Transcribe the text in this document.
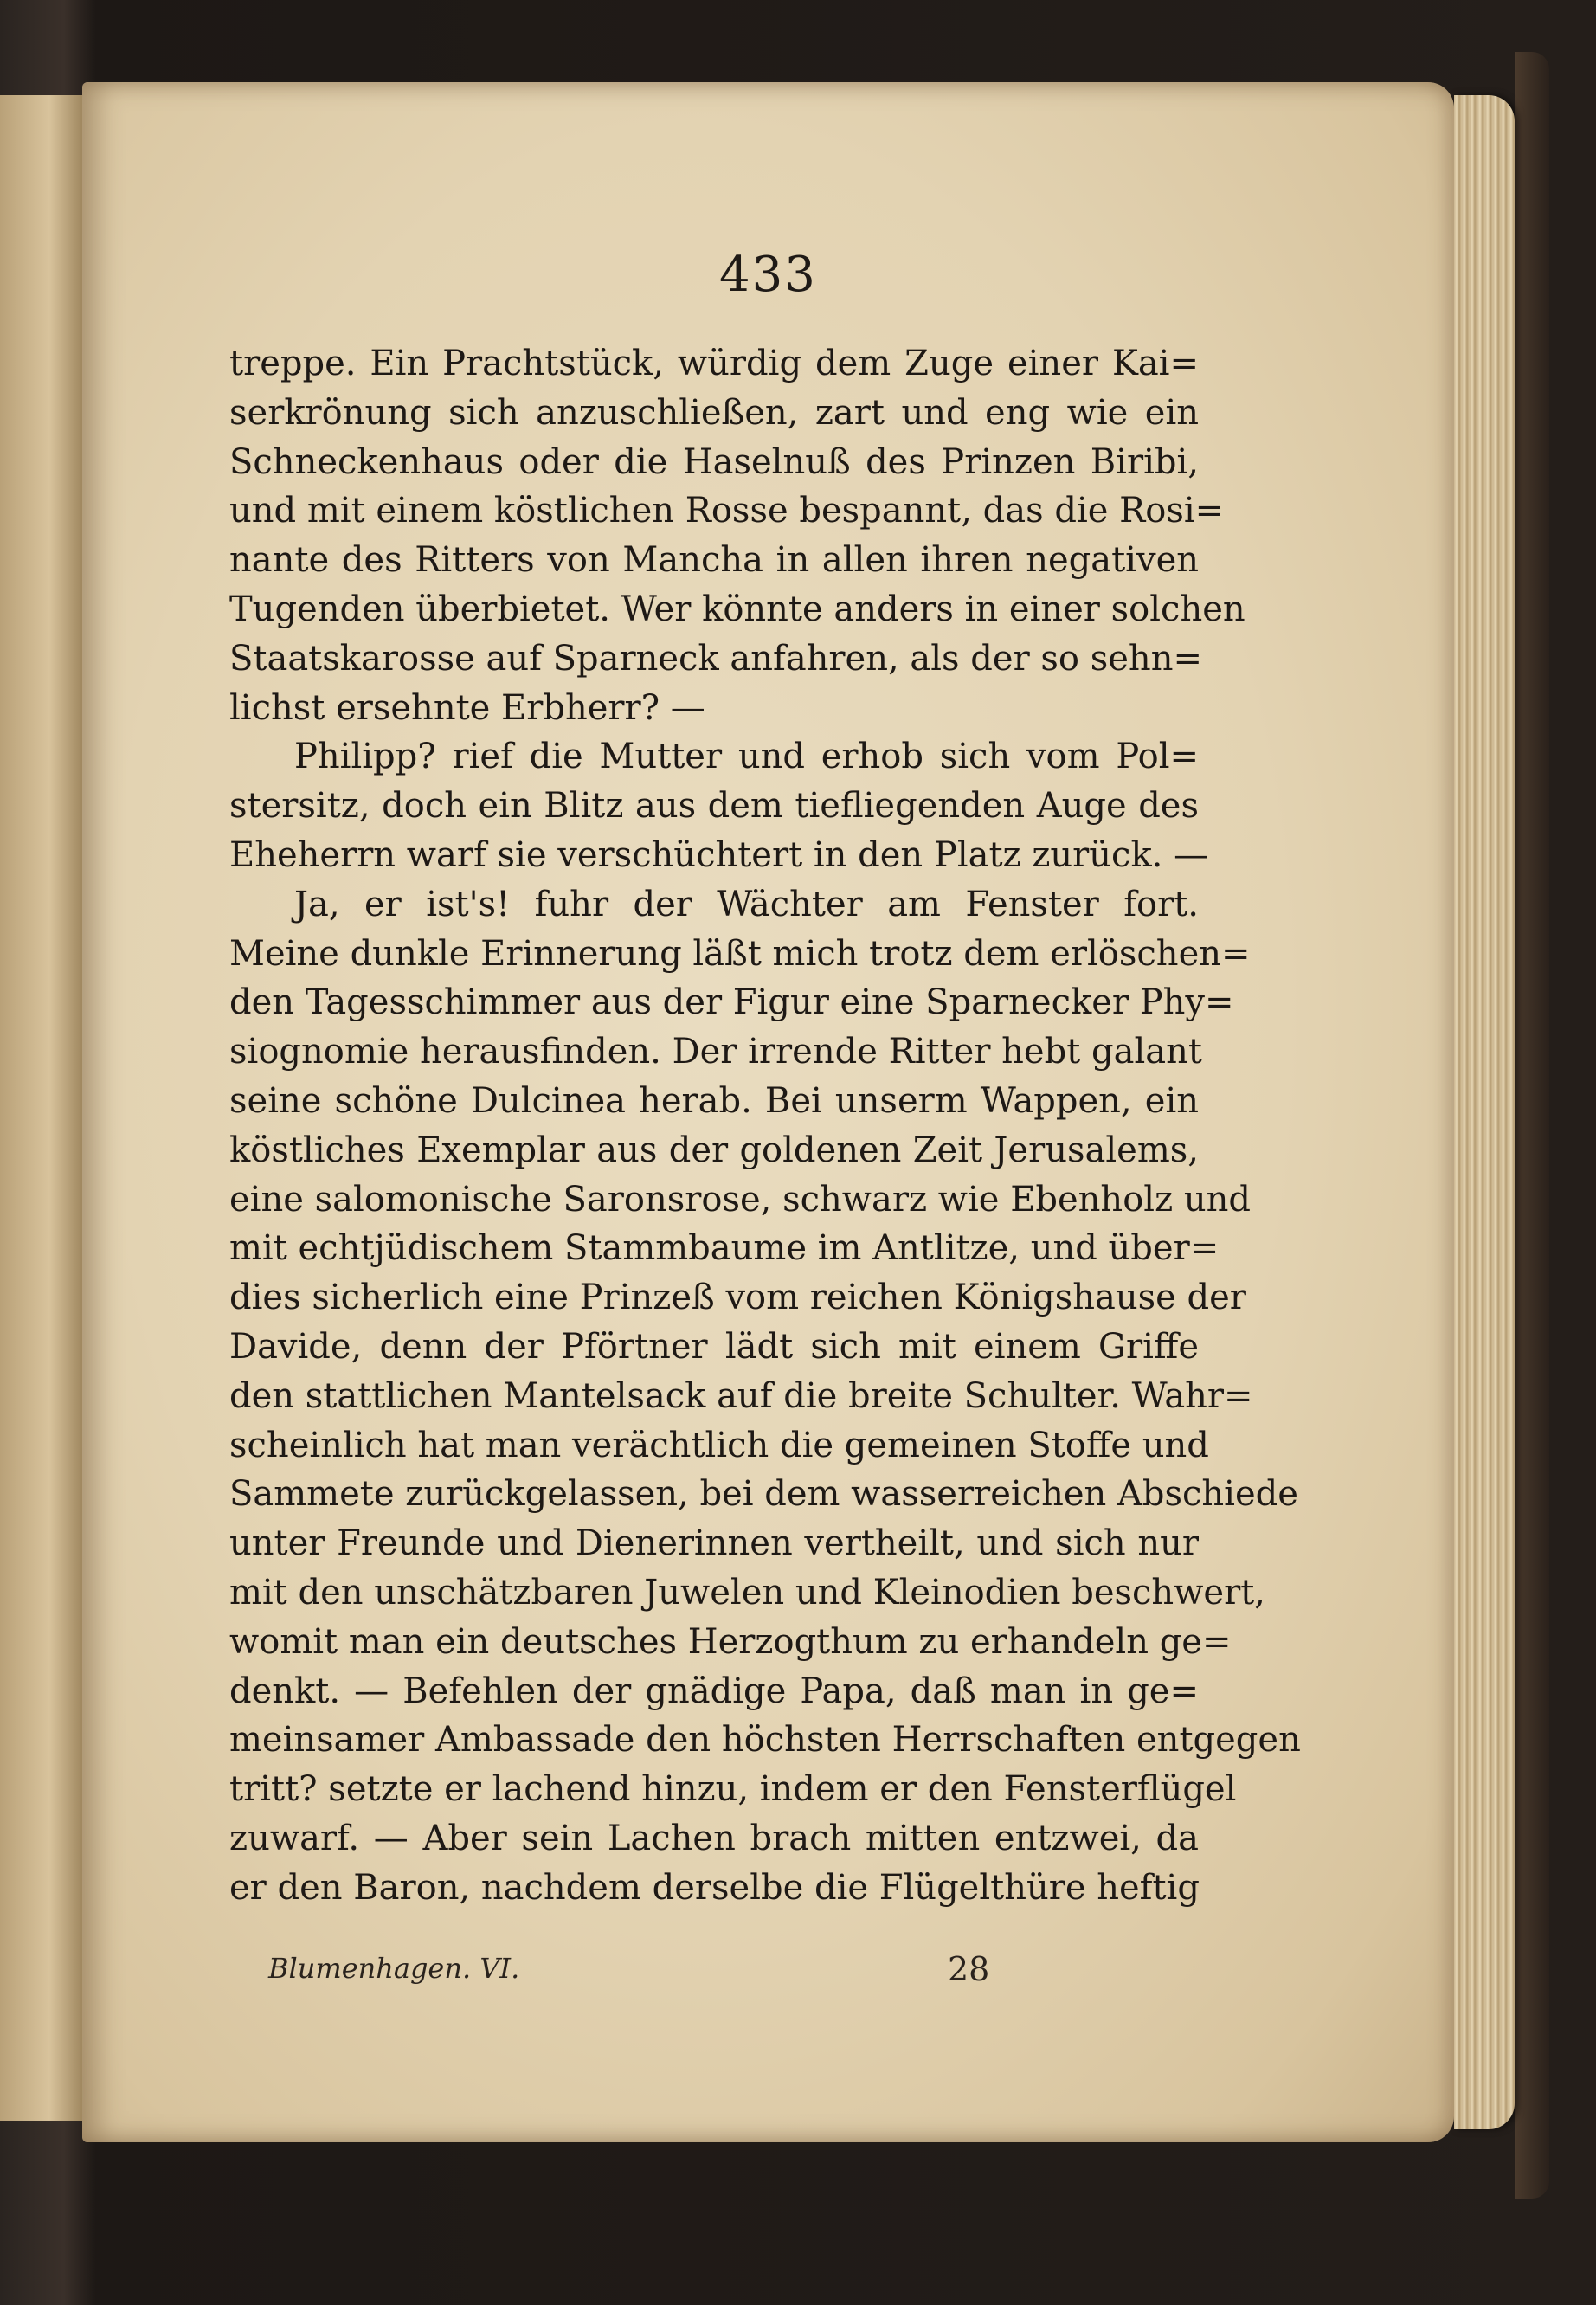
433
treppe. Ein Prachtstück, würdig dem Zuge einer Kai=
serkrönung sich anzuschließen, zart und eng wie ein
Schneckenhaus oder die Haselnuß des Prinzen Biribi,
und mit einem köstlichen Rosse bespannt, das die Rosi=
nante des Ritters von Mancha in allen ihren negativen
Tugenden überbietet. Wer könnte anders in einer solchen
Staatskarosse auf Sparneck anfahren, als der so sehn=
lichst ersehnte Erbherr? —
Philipp? rief die Mutter und erhob sich vom Pol=
stersitz, doch ein Blitz aus dem tiefliegenden Auge des
Eheherrn warf sie verschüchtert in den Platz zurück. —
Ja, er ist's! fuhr der Wächter am Fenster fort.
Meine dunkle Erinnerung läßt mich trotz dem erlöschen=
den Tagesschimmer aus der Figur eine Sparnecker Phy=
siognomie herausfinden. Der irrende Ritter hebt galant
seine schöne Dulcinea herab. Bei unserm Wappen, ein
köstliches Exemplar aus der goldenen Zeit Jerusalems,
eine salomonische Saronsrose, schwarz wie Ebenholz und
mit echtjüdischem Stammbaume im Antlitze, und über=
dies sicherlich eine Prinzeß vom reichen Königshause der
Davide, denn der Pförtner lädt sich mit einem Griffe
den stattlichen Mantelsack auf die breite Schulter. Wahr=
scheinlich hat man verächtlich die gemeinen Stoffe und
Sammete zurückgelassen, bei dem wasserreichen Abschiede
unter Freunde und Dienerinnen vertheilt, und sich nur
mit den unschätzbaren Juwelen und Kleinodien beschwert,
womit man ein deutsches Herzogthum zu erhandeln ge=
denkt. — Befehlen der gnädige Papa, daß man in ge=
meinsamer Ambassade den höchsten Herrschaften entgegen
tritt? setzte er lachend hinzu, indem er den Fensterflügel
zuwarf. — Aber sein Lachen brach mitten entzwei, da
er den Baron, nachdem derselbe die Flügelthüre heftig
Blumenhagen. VI.	28
